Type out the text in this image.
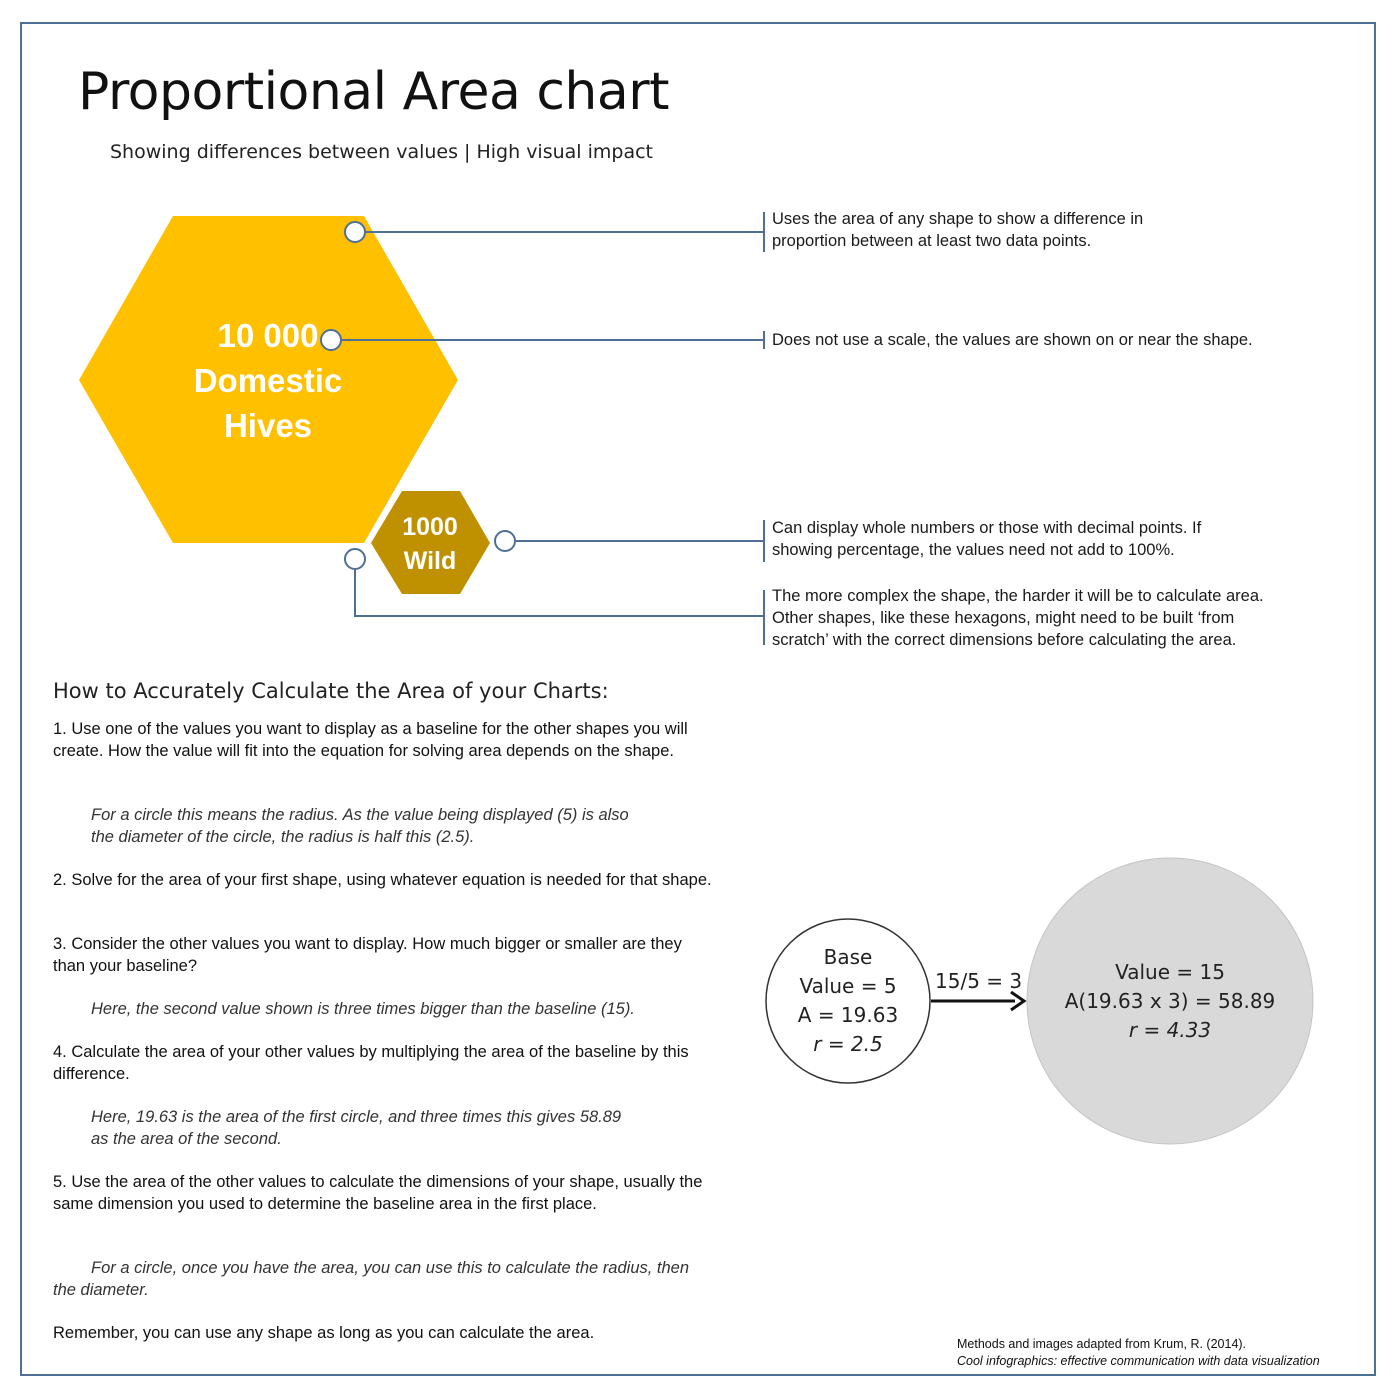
Proportional Area chart
Showing differences between values | High visual impact
10 000
Domestic
Hives
1000
Wild
Uses the area of any shape to show a difference in
proportion between at least two data points.
Does not use a scale, the values are shown on or near the shape.
Can display whole numbers or those with decimal points. If
showing percentage, the values need not add to 100%.
The more complex the shape, the harder it will be to calculate area.
Other shapes, like these hexagons, might need to be built ‘from
scratch’ with the correct dimensions before calculating the area.
How to Accurately Calculate the Area of your Charts:
1. Use one of the values you want to display as a baseline for the other shapes you will create. How the value will fit into the equation for solving area depends on the shape.
For a circle this means the radius. As the value being displayed (5) is also
the diameter of the circle, the radius is half this (2.5).
2. Solve for the area of your first shape, using whatever equation is needed for that shape.
3. Consider the other values you want to display. How much bigger or smaller are they than your baseline?
Here, the second value shown is three times bigger than the baseline (15).
4. Calculate the area of your other values by multiplying the area of the baseline by this difference.
Here, 19.63 is the area of the first circle, and three times this gives 58.89
as the area of the second.
5. Use the area of the other values to calculate the dimensions of your shape, usually the same dimension you used to determine the baseline area in the first place.
For a circle, once you have the area, you can use this to calculate the radius, then the diameter.
Remember, you can use any shape as long as you can calculate the area.
Base
Value = 5
A = 19.63
r = 2.5
15/5 = 3	Value = 15
A(19.63 x 3) = 58.89
r = 4.33
Methods and images adapted from Krum, R. (2014).
Cool infographics: effective communication with data visualization
